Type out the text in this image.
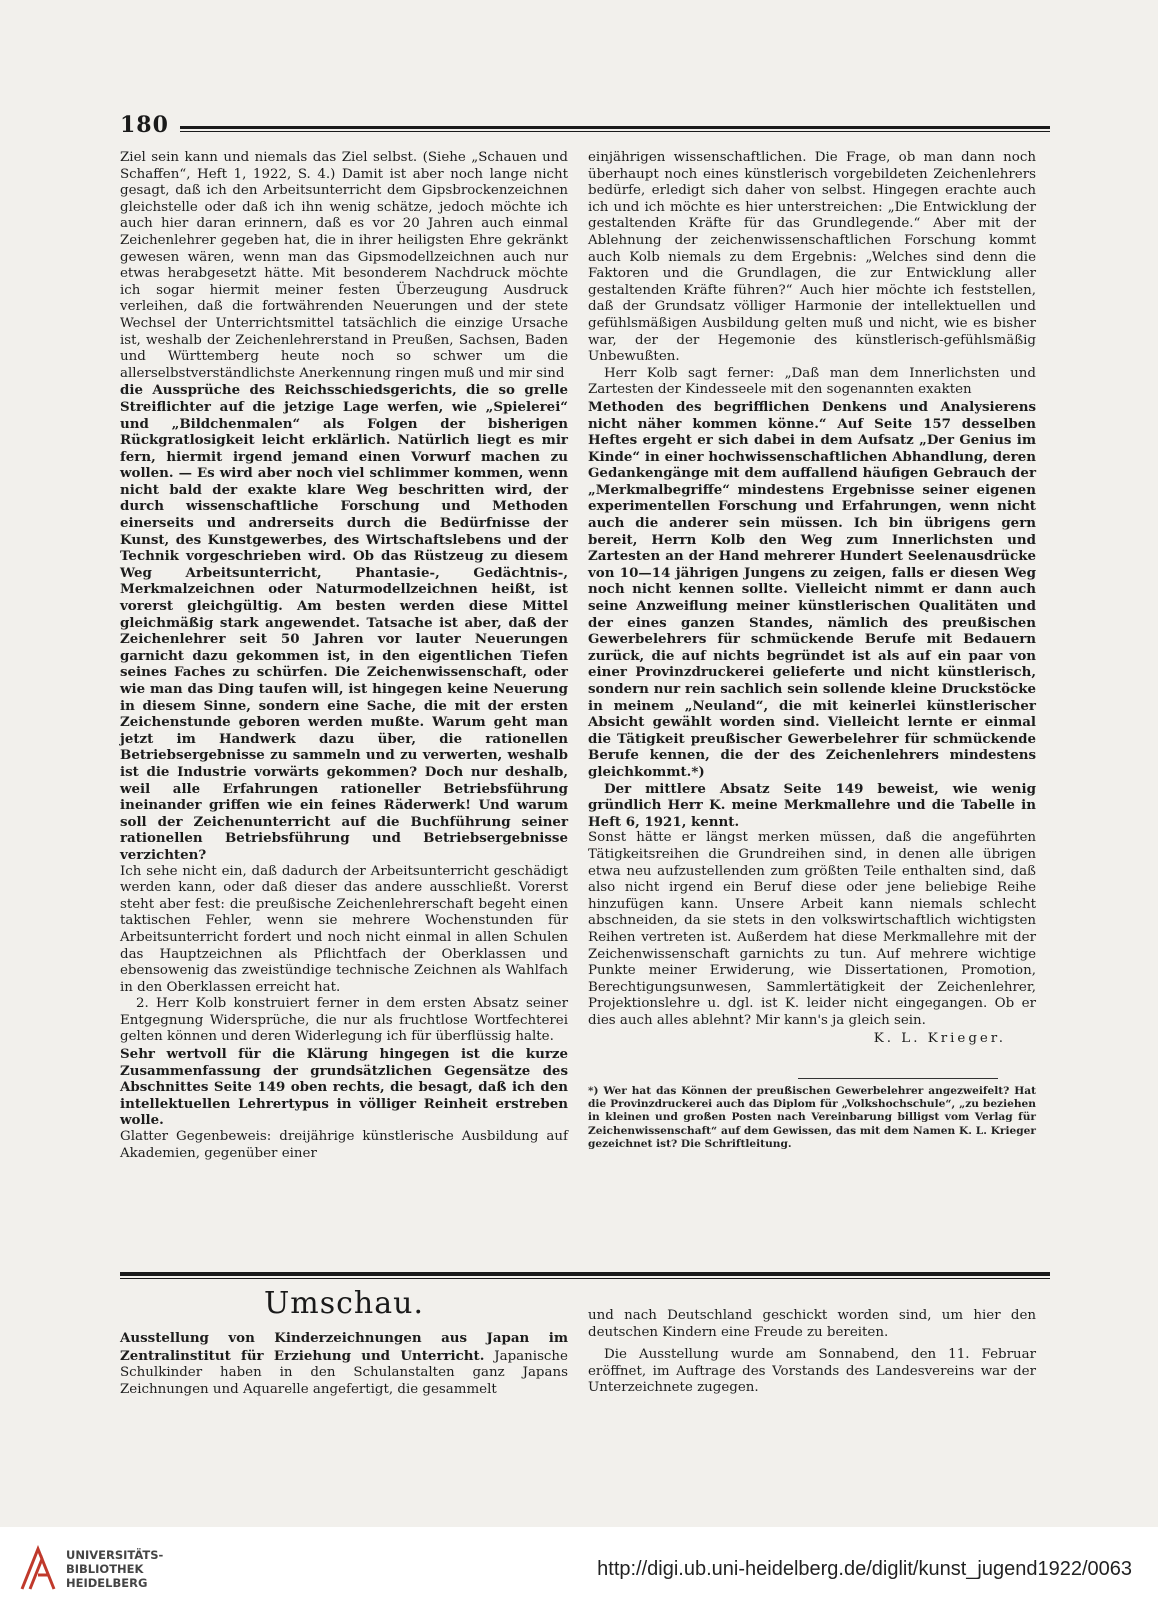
180

Ziel sein kann und niemals das Ziel selbst. (Siehe „Schauen und Schaffen“, Heft 1, 1922, S. 4.) Damit ist aber noch lange nicht gesagt, daß ich den Arbeitsunterricht dem Gipsbrockenzeichnen gleichstelle oder daß ich ihn wenig schätze, jedoch möchte ich auch hier daran erinnern, daß es vor 20 Jahren auch einmal Zeichenlehrer gegeben hat, die in ihrer heiligsten Ehre gekränkt gewesen wären, wenn man das Gipsmodellzeichnen auch nur etwas herabgesetzt hätte. Mit besonderem Nachdruck möchte ich sogar hiermit meiner festen Überzeugung Ausdruck verleihen, daß die fortwährenden Neuerungen und der stete Wechsel der Unterrichtsmittel tatsächlich die einzige Ursache ist, weshalb der Zeichenlehrerstand in Preußen, Sachsen, Baden und Württemberg heute noch so schwer um die allerselbstverständlichste Anerkennung ringen muß und mir sind

die Aussprüche des Reichsschiedsgerichts, die so grelle Streiflichter auf die jetzige Lage werfen, wie „Spielerei“ und „Bildchenmalen“ als Folgen der bisherigen Rückgratlosigkeit leicht erklärlich. Natürlich liegt es mir fern, hiermit irgend jemand einen Vorwurf machen zu wollen. — Es wird aber noch viel schlimmer kommen, wenn nicht bald der exakte klare Weg beschritten wird, der durch wissenschaftliche Forschung und Methoden einerseits und andrerseits durch die Bedürfnisse der Kunst, des Kunstgewerbes, des Wirtschaftslebens und der Technik vorgeschrieben wird. Ob das Rüstzeug zu diesem Weg Arbeitsunterricht, Phantasie-, Gedächtnis-, Merkmalzeichnen oder Naturmodellzeichnen heißt, ist vorerst gleichgültig. Am besten werden diese Mittel gleichmäßig stark angewendet. Tatsache ist aber, daß der Zeichenlehrer seit 50 Jahren vor lauter Neuerungen garnicht dazu gekommen ist, in den eigentlichen Tiefen seines Faches zu schürfen. Die Zeichenwissenschaft, oder wie man das Ding taufen will, ist hingegen keine Neuerung in diesem Sinne, sondern eine Sache, die mit der ersten Zeichenstunde geboren werden mußte. Warum geht man jetzt im Handwerk dazu über, die rationellen Betriebsergebnisse zu sammeln und zu verwerten, weshalb ist die Industrie vorwärts gekommen? Doch nur deshalb, weil alle Erfahrungen rationeller Betriebsführung ineinander griffen wie ein feines Räderwerk! Und warum soll der Zeichenunterricht auf die Buchführung seiner rationellen Betriebsführung und Betriebsergebnisse verzichten?

Ich sehe nicht ein, daß dadurch der Arbeitsunterricht geschädigt werden kann, oder daß dieser das andere ausschließt. Vorerst steht aber fest: die preußische Zeichenlehrerschaft begeht einen taktischen Fehler, wenn sie mehrere Wochenstunden für Arbeitsunterricht fordert und noch nicht einmal in allen Schulen das Hauptzeichnen als Pflichtfach der Oberklassen und ebensowenig das zweistündige technische Zeichnen als Wahlfach in den Oberklassen erreicht hat.

2. Herr Kolb konstruiert ferner in dem ersten Absatz seiner Entgegnung Widersprüche, die nur als fruchtlose Wortfechterei gelten können und deren Widerlegung ich für überflüssig halte.

Sehr wertvoll für die Klärung hingegen ist die kurze Zusammenfassung der grundsätzlichen Gegensätze des Abschnittes Seite 149 oben rechts, die besagt, daß ich den intellektuellen Lehrertypus in völliger Reinheit erstreben wolle.

Glatter Gegenbeweis: dreijährige künstlerische Ausbildung auf Akademien, gegenüber einer

einjährigen wissenschaftlichen. Die Frage, ob man dann noch überhaupt noch eines künstlerisch vorgebildeten Zeichenlehrers bedürfe, erledigt sich daher von selbst. Hingegen erachte auch ich und ich möchte es hier unterstreichen: „Die Entwicklung der gestaltenden Kräfte für das Grundlegende.“ Aber mit der Ablehnung der zeichenwissenschaftlichen Forschung kommt auch Kolb niemals zu dem Ergebnis: „Welches sind denn die Faktoren und die Grundlagen, die zur Entwicklung aller gestaltenden Kräfte führen?“ Auch hier möchte ich feststellen, daß der Grundsatz völliger Harmonie der intellektuellen und gefühlsmäßigen Ausbildung gelten muß und nicht, wie es bisher war, der der Hegemonie des künstlerisch-gefühlsmäßig Unbewußten.

Herr Kolb sagt ferner: „Daß man dem Innerlichsten und Zartesten der Kindesseele mit den sogenannten exakten

Methoden des begrifflichen Denkens und Analysierens nicht näher kommen könne.“ Auf Seite 157 desselben Heftes ergeht er sich dabei in dem Aufsatz „Der Genius im Kinde“ in einer hochwissenschaftlichen Abhandlung, deren Gedankengänge mit dem auffallend häufigen Gebrauch der „Merkmalbegriffe“ mindestens Ergebnisse seiner eigenen experimentellen Forschung und Erfahrungen, wenn nicht auch die anderer sein müssen. Ich bin übrigens gern bereit, Herrn Kolb den Weg zum Innerlichsten und Zartesten an der Hand mehrerer Hundert Seelenausdrücke von 10—14 jährigen Jungens zu zeigen, falls er diesen Weg noch nicht kennen sollte. Vielleicht nimmt er dann auch seine Anzweiflung meiner künstlerischen Qualitäten und der eines ganzen Standes, nämlich des preußischen Gewerbelehrers für schmückende Berufe mit Bedauern zurück, die auf nichts begründet ist als auf ein paar von einer Provinzdruckerei gelieferte und nicht künstlerisch, sondern nur rein sachlich sein sollende kleine Druckstöcke in meinem „Neuland“, die mit keinerlei künstlerischer Absicht gewählt worden sind. Vielleicht lernte er einmal die Tätigkeit preußischer Gewerbelehrer für schmückende Berufe kennen, die der des Zeichenlehrers mindestens gleichkommt.*)

Der mittlere Absatz Seite 149 beweist, wie wenig gründlich Herr K. meine Merkmallehre und die Tabelle in Heft 6, 1921, kennt.

Sonst hätte er längst merken müssen, daß die angeführten Tätigkeitsreihen die Grundreihen sind, in denen alle übrigen etwa neu aufzustellenden zum größten Teile enthalten sind, daß also nicht irgend ein Beruf diese oder jene beliebige Reihe hinzufügen kann. Unsere Arbeit kann niemals schlecht abschneiden, da sie stets in den volkswirtschaftlich wichtigsten Reihen vertreten ist. Außerdem hat diese Merkmallehre mit der Zeichenwissenschaft garnichts zu tun. Auf mehrere wichtige Punkte meiner Erwiderung, wie Dissertationen, Promotion, Berechtigungsunwesen, Sammlertätigkeit der Zeichenlehrer, Projektionslehre u. dgl. ist K. leider nicht eingegangen. Ob er dies auch alles ablehnt? Mir kann's ja gleich sein.

K. L. Krieger.

*) Wer hat das Können der preußischen Gewerbelehrer angezweifelt? Hat die Provinzdruckerei auch das Diplom für „Volkshochschule“, „zu beziehen in kleinen und großen Posten nach Vereinbarung billigst vom Verlag für Zeichenwissenschaft“ auf dem Gewissen, das mit dem Namen K. L. Krieger gezeichnet ist? Die Schriftleitung.

Umschau.

Ausstellung von Kinderzeichnungen aus Japan im Zentralinstitut für Erziehung und Unterricht. Japanische Schulkinder haben in den Schulanstalten ganz Japans Zeichnungen und Aquarelle angefertigt, die gesammelt

und nach Deutschland geschickt worden sind, um hier den deutschen Kindern eine Freude zu bereiten.

Die Ausstellung wurde am Sonnabend, den 11. Februar eröffnet, im Auftrage des Vorstands des Landesvereins war der Unterzeichnete zugegen.

UNIVERSITÄTS-
BIBLIOTHEK
HEIDELBERG
http://digi.ub.uni-heidelberg.de/diglit/kunst_jugend1922/0063
